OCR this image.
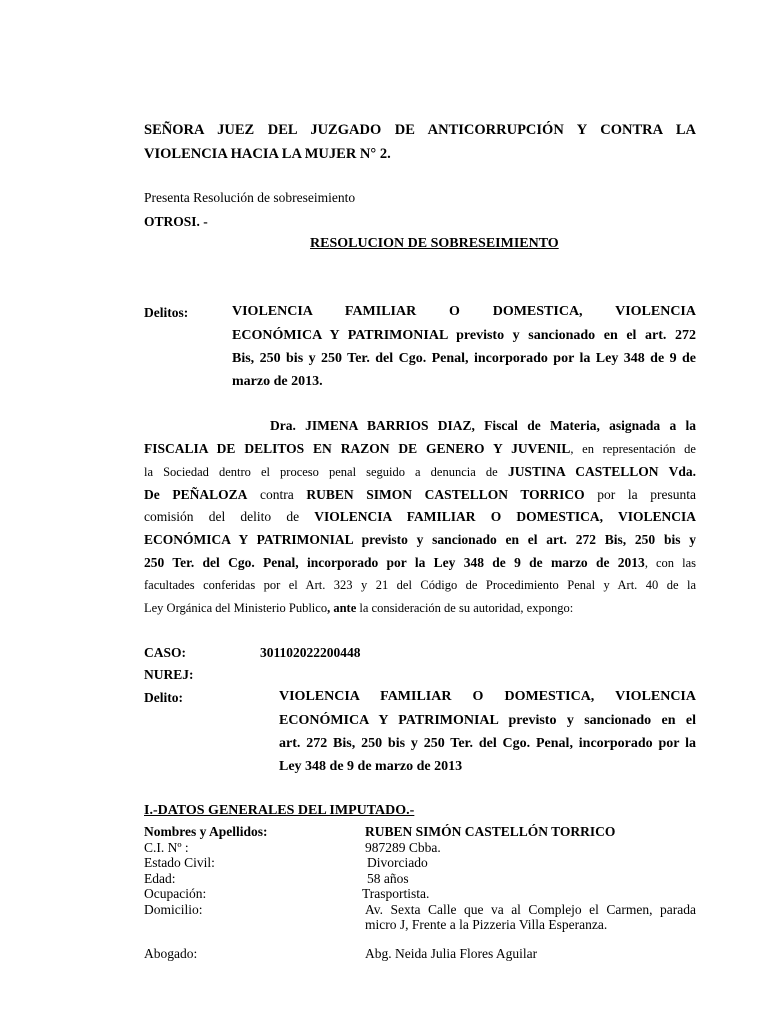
SEÑORA JUEZ DEL JUZGADO DE ANTICORRUPCIÓN Y CONTRA LA
VIOLENCIA HACIA LA MUJER N° 2.
Presenta Resolución de sobreseimiento
OTROSI. -
RESOLUCION DE SOBRESEIMIENTO
Delitos:	VIOLENCIA FAMILIAR O DOMESTICA, VIOLENCIA
ECONÓMICA Y PATRIMONIAL previsto y sancionado en el art. 272
Bis, 250 bis y 250 Ter. del Cgo. Penal, incorporado por la Ley 348 de 9 de
marzo de 2013.
Dra. JIMENA BARRIOS DIAZ, Fiscal de Materia, asignada a la
FISCALIA DE DELITOS EN RAZON DE GENERO Y JUVENIL, en representación de
la Sociedad dentro el proceso penal seguido a denuncia de JUSTINA CASTELLON Vda.
De PEÑALOZA contra RUBEN SIMON CASTELLON TORRICO por la presunta
comisión del delito de VIOLENCIA FAMILIAR O DOMESTICA, VIOLENCIA
ECONÓMICA Y PATRIMONIAL previsto y sancionado en el art. 272 Bis, 250 bis y
250 Ter. del Cgo. Penal, incorporado por la Ley 348 de 9 de marzo de 2013, con las
facultades conferidas por el Art. 323 y 21 del Código de Procedimiento Penal y Art. 40 de la
Ley Orgánica del Ministerio Publico, ante la consideración de su autoridad, expongo:
CASO:	301102022200448
NUREJ:
Delito:	VIOLENCIA FAMILIAR O DOMESTICA, VIOLENCIA
ECONÓMICA Y PATRIMONIAL previsto y sancionado en el
art. 272 Bis, 250 bis y 250 Ter. del Cgo. Penal, incorporado por la
Ley 348 de 9 de marzo de 2013
I.-DATOS GENERALES DEL IMPUTADO.-
Nombres y Apellidos:	RUBEN SIMÓN CASTELLÓN TORRICO
C.I. Nº :	987289 Cbba.
Estado Civil:	Divorciado
Edad:	58 años
Ocupación:	Trasportista.
Domicilio:	Av. Sexta Calle que va al Complejo el Carmen, parada
micro J, Frente a la Pizzeria Villa Esperanza.
Abogado:	Abg. Neida Julia Flores Aguilar
